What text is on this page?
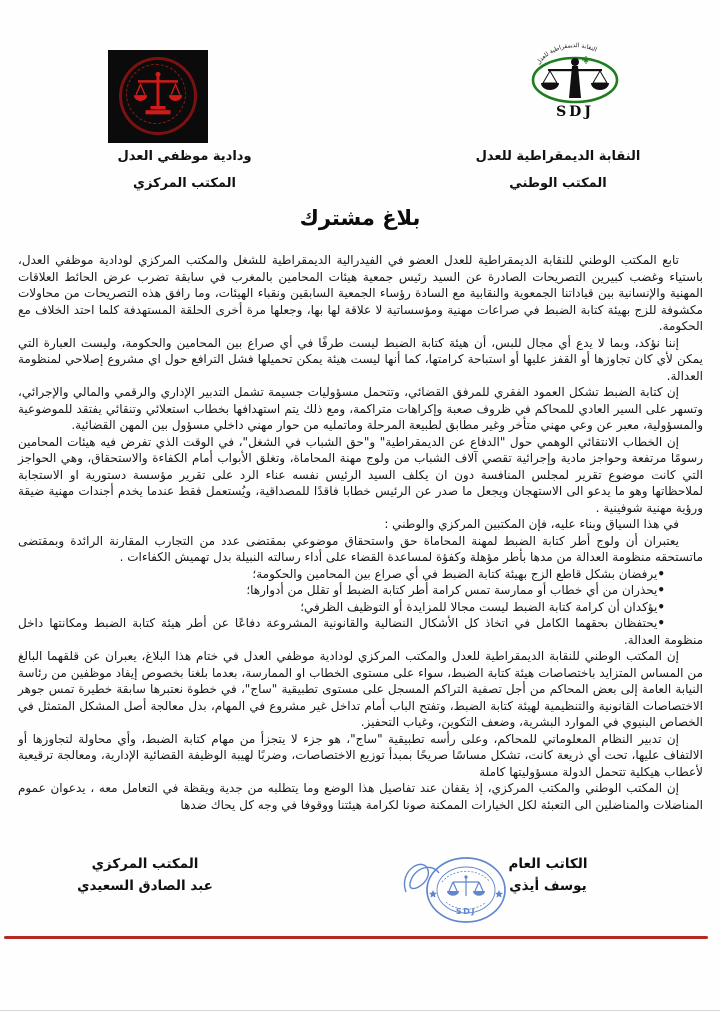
النقابة الديمقراطية للعدل
SDJ
النقابة الديمقراطية للعدل
المكتب الوطني
ودادية موظفي العدل
المكتب المركزي
بلاغ مشترك

تابع المكتب الوطني للنقابة الديمقراطية للعدل العضو في الفيدرالية الديمقراطية للشغل والمكتب المركزي لودادية موظفي العدل، باستياء وغضب كبيرين التصريحات الصادرة عن السيد رئيس جمعية هيئات المحامين بالمغرب في سابقة تضرب عرض الحائط العلاقات المهنية والإنسانية بين قياداتنا الجمعوية والنقابية مع السادة رؤساء الجمعية السابقين ونقباء الهيئات، وما رافق هذه التصريحات من محاولات مكشوفة للزج بهيئة كتابة الضبط في صراعات مهنية ومؤسساتية لا علاقة لها بها، وجعلها مرة أخرى الحلقة المستهدفة كلما احتد الخلاف مع الحكومة.

إننا نؤكد، وبما لا يدع أي مجال للبس، أن هيئة كتابة الضبط ليست طرفًا في أي صراع بين المحامين والحكومة، وليست العبارة التي يمكن لأي كان تجاوزها أو القفز عليها أو استباحة كرامتها، كما أنها ليست هيئة يمكن تحميلها فشل الترافع حول اي مشروع إصلاحي لمنظومة العدالة.

إن كتابة الضبط تشكل العمود الفقري للمرفق القضائي، وتتحمل مسؤوليات جسيمة تشمل التدبير الإداري والرقمي والمالي والإجرائي، وتسهر على السير العادي للمحاكم في ظروف صعبة وإكراهات متراكمة، ومع ذلك يتم استهدافها بخطاب استعلائي وتنقائي يفتقد للموضوعية والمسؤولية، معبر عن وعي مهني متأخر وغير مطابق لطبيعة المرحلة وماتمليه من حوار مهني داخلي مسؤول بين المهن القضائية.

إن الخطاب الانتقائي الوهمي حول "الدفاع عن الديمقراطية" و"حق الشباب في الشغل"، في الوقت الذي تفرض فيه هيئات المحامين رسومًا مرتفعة وحواجز مادية وإجرائية تقصي آلاف الشباب من ولوج مهنة المحاماة، وتغلق الأبواب أمام الكفاءة والاستحقاق، وهي الحواجز التي كانت موضوع تقرير لمجلس المنافسة دون ان يكلف السيد الرئيس نفسه عناء الرد على تقرير مؤسسة دستورية او الاستجابة لملاحظاتها وهو ما يدعو الى الاستهجان ويجعل ما صدر عن الرئيس خطابا فاقدًا للمصداقية، ويُستعمل فقط عندما يخدم أجندات مهنية ضيقة ورؤية مهنية شوفينية .

في هذا السياق وبناء عليه، فإن المكتبين المركزي والوطني :

يعتبران أن ولوج أطر كتابة الضبط لمهنة المحاماة حق واستحقاق موضوعي بمقتضى عدد من التجارب المقارنة الرائدة وبمقتضى ماتستحقه منظومة العدالة من مدها بأطر مؤهلة وكفؤة لمساعدة القضاء على أداء رسالته النبيلة بدل تهميش الكفاءات .

• يرفضان بشكل قاطع الزج بهيئة كتابة الضبط في أي صراع بين المحامين والحكومة؛

• يحذران من أي خطاب أو ممارسة تمس كرامة أطر كتابة الضبط أو تقلل من أدوارها؛

• يؤكدان أن كرامة كتابة الضبط ليست مجالا للمزايدة أو التوظيف الظرفي؛

• يحتفظان بحقهما الكامل في اتخاذ كل الأشكال النضالية والقانونية المشروعة دفاعًا عن أطر هيئة كتابة الضبط ومكانتها داخل منظومة العدالة.

إن المكتب الوطني للنقابة الديمقراطية للعدل والمكتب المركزي لودادية موظفي العدل في ختام هذا البلاغ، يعبران عن قلقهما البالغ من المساس المتزايد باختصاصات هيئة كتابة الضبط، سواء على مستوى الخطاب او الممارسة، بعدما بلغنا بخصوص إيفاد موظفين من رئاسة النيابة العامة إلى بعض المحاكم من أجل تصفية التراكم المسجل على مستوى تطبيقية "ساج"، في خطوة نعتبرها سابقة خطيرة تمس جوهر الاختصاصات القانونية والتنظيمية لهيئة كتابة الضبط، وتفتح الباب أمام تداخل غير مشروع في المهام، بدل معالجة أصل المشكل المتمثل في الخصاص البنيوي في الموارد البشرية، وضعف التكوين، وغياب التحفيز.

إن تدبير النظام المعلوماتي للمحاكم، وعلى رأسه تطبيقية "ساج"، هو جزء لا يتجزأ من مهام كتابة الضبط، وأي محاولة لتجاوزها أو الالتفاف عليها، تحت أي ذريعة كانت، تشكل مساسًا صريحًا بمبدأ توزيع الاختصاصات، وضربًا لهيبة الوظيفة القضائية الإدارية، ومعالجة ترقيعية لأعطاب هيكلية تتحمل الدولة مسؤوليتها كاملة

إن المكتب الوطني والمكتب المركزي، إذ يقفان عند تفاصيل هذا الوضع وما يتطلبه من جدية ويقظة في التعامل معه ، يدعوان عموم المناضلات والمناضلين الى التعبئة لكل الخيارات الممكنة صونا لكرامة هيئتنا ووقوفا في وجه كل يحاك ضدها

الكاتب العام
يوسف أيذي
المكتب المركزي
عبد الصادق السعيدي
SDJ
